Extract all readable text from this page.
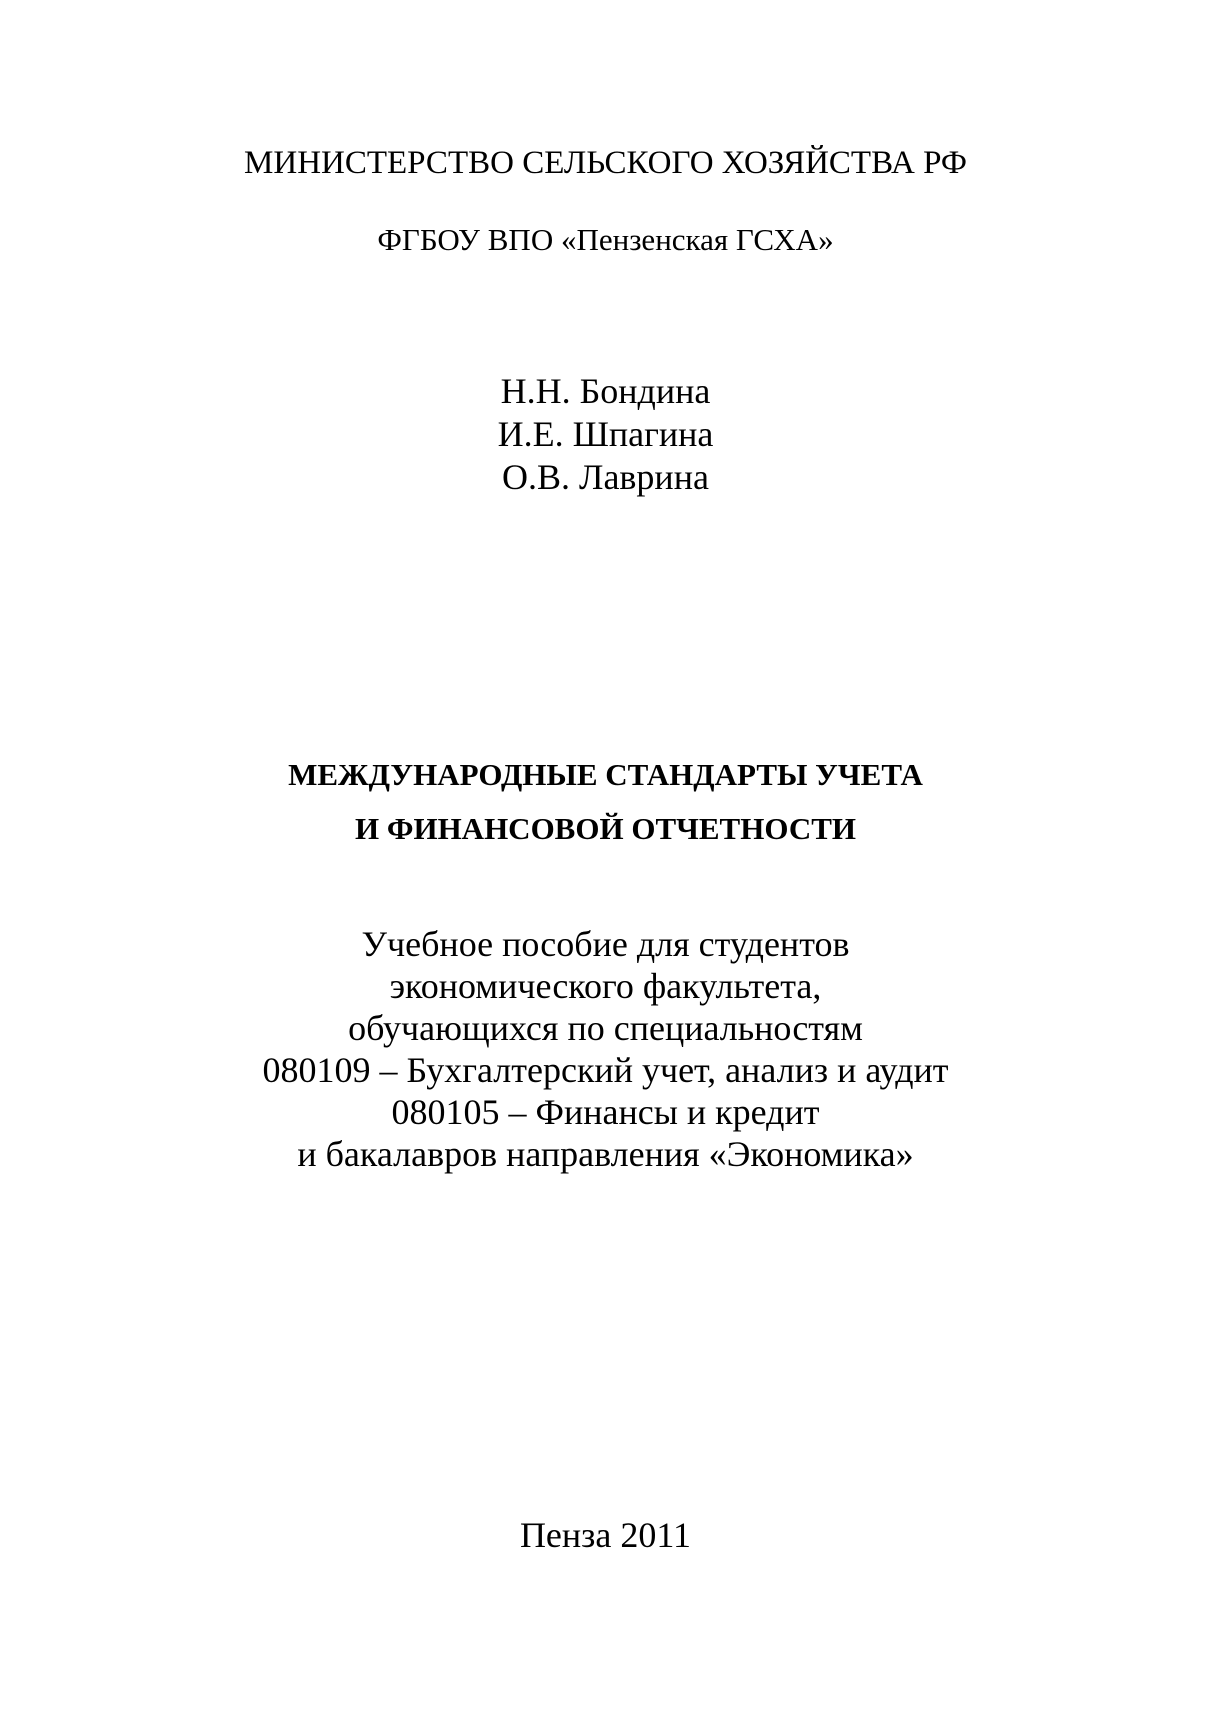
МИНИСТЕРСТВО СЕЛЬСКОГО ХОЗЯЙСТВА РФ

ФГБОУ ВПО «Пензенская ГСХА»

Н.Н. Бондина
И.Е. Шпагина
О.В. Лаврина
МЕЖДУНАРОДНЫЕ СТАНДАРТЫ УЧЕТА
И ФИНАНСОВОЙ ОТЧЕТНОСТИ
Учебное пособие для студентов
экономического факультета,
обучающихся по специальностям
080109 – Бухгалтерский учет, анализ и аудит
080105 – Финансы и кредит
и бакалавров направления «Экономика»

Пенза 2011
